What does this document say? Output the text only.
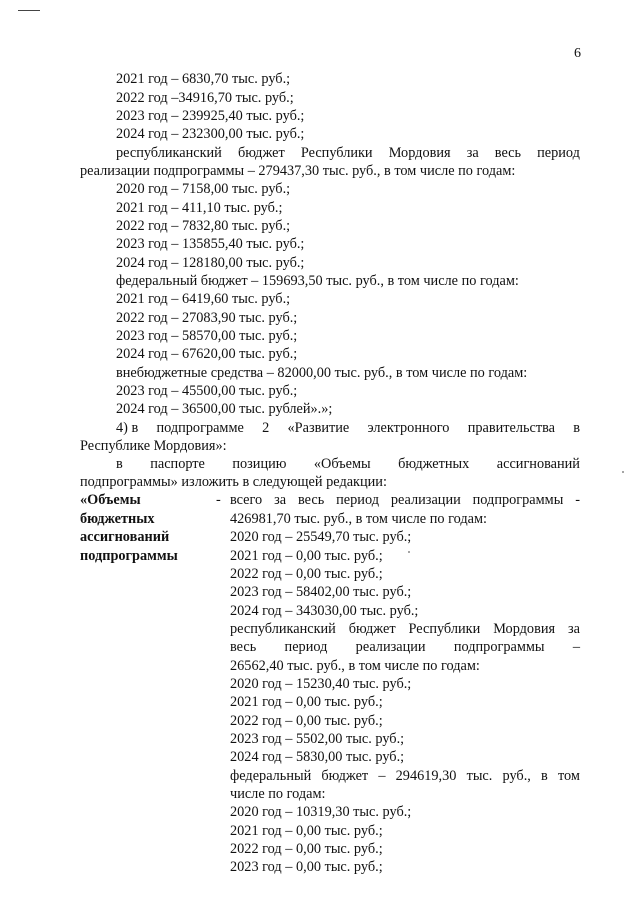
6

2021 год – 6830,70 тыс. руб.;

2022 год –34916,70 тыс. руб.;

2023 год – 239925,40 тыс. руб.;

2024 год – 232300,00 тыс. руб.;

республиканский бюджет Республики Мордовия за весь период

реализации подпрограммы – 279437,30 тыс. руб., в том числе по годам:

2020 год – 7158,00 тыс. руб.;

2021 год – 411,10 тыс. руб.;

2022 год – 7832,80 тыс. руб.;

2023 год – 135855,40 тыс. руб.;

2024 год – 128180,00 тыс. руб.;

федеральный бюджет – 159693,50 тыс. руб., в том числе по годам:

2021 год – 6419,60 тыс. руб.;

2022 год – 27083,90 тыс. руб.;

2023 год – 58570,00 тыс. руб.;

2024 год – 67620,00 тыс. руб.;

внебюджетные средства – 82000,00 тыс. руб., в том числе по годам:

2023 год – 45500,00 тыс. руб.;

2024 год – 36500,00 тыс. рублей».»;

4) в подпрограмме 2 «Развитие электронного правительства в

Республике Мордовия»:

в паспорте позицию «Объемы бюджетных ассигнований

подпрограммы» изложить в следующей редакции:

«Объемы
бюджетных
ассигнований
подпрограммы
- всего за весь период реализации подпрограммы -

426981,70 тыс. руб., в том числе по годам:

2020 год – 25549,70 тыс. руб.;

2021 год – 0,00 тыс. руб.;

2022 год – 0,00 тыс. руб.;

2023 год – 58402,00 тыс. руб.;

2024 год – 343030,00 тыс. руб.;

республиканский бюджет Республики Мордовия за
весь период реализации подпрограммы –

26562,40 тыс. руб., в том числе по годам:

2020 год – 15230,40 тыс. руб.;

2021 год – 0,00 тыс. руб.;

2022 год – 0,00 тыс. руб.;

2023 год – 5502,00 тыс. руб.;

2024 год – 5830,00 тыс. руб.;

федеральный бюджет – 294619,30 тыс. руб., в том

числе по годам:

2020 год – 10319,30 тыс. руб.;

2021 год – 0,00 тыс. руб.;

2022 год – 0,00 тыс. руб.;

2023 год – 0,00 тыс. руб.;
